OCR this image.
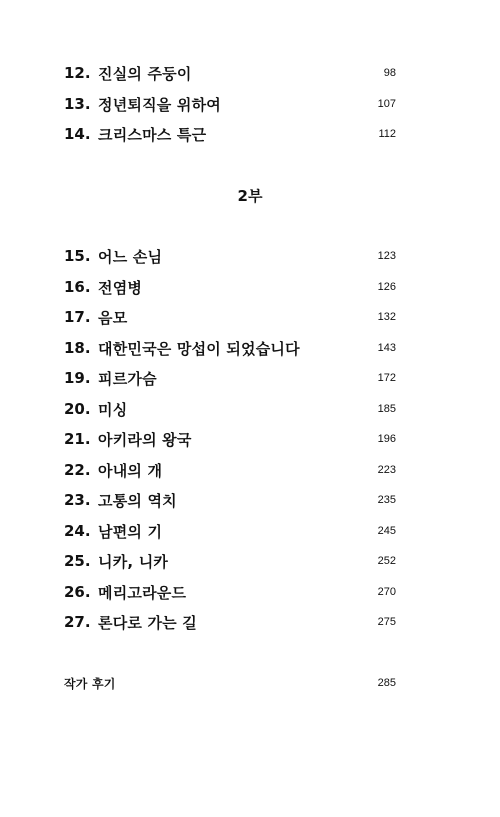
12. 진실의 주둥이	98
13. 정년퇴직을 위하여	107
14. 크리스마스 특근	112
2부
15. 어느 손님	123
16. 전염병	126
17. 음모	132
18. 대한민국은 망섭이 되었습니다	143
19. 피르가슴	172
20. 미싱	185
21. 아키라의 왕국	196
22. 아내의 개	223
23. 고통의 역치	235
24. 남편의 기	245
25. 니카, 니카	252
26. 메리고라운드	270
27. 론다로 가는 길	275
작가 후기	285
